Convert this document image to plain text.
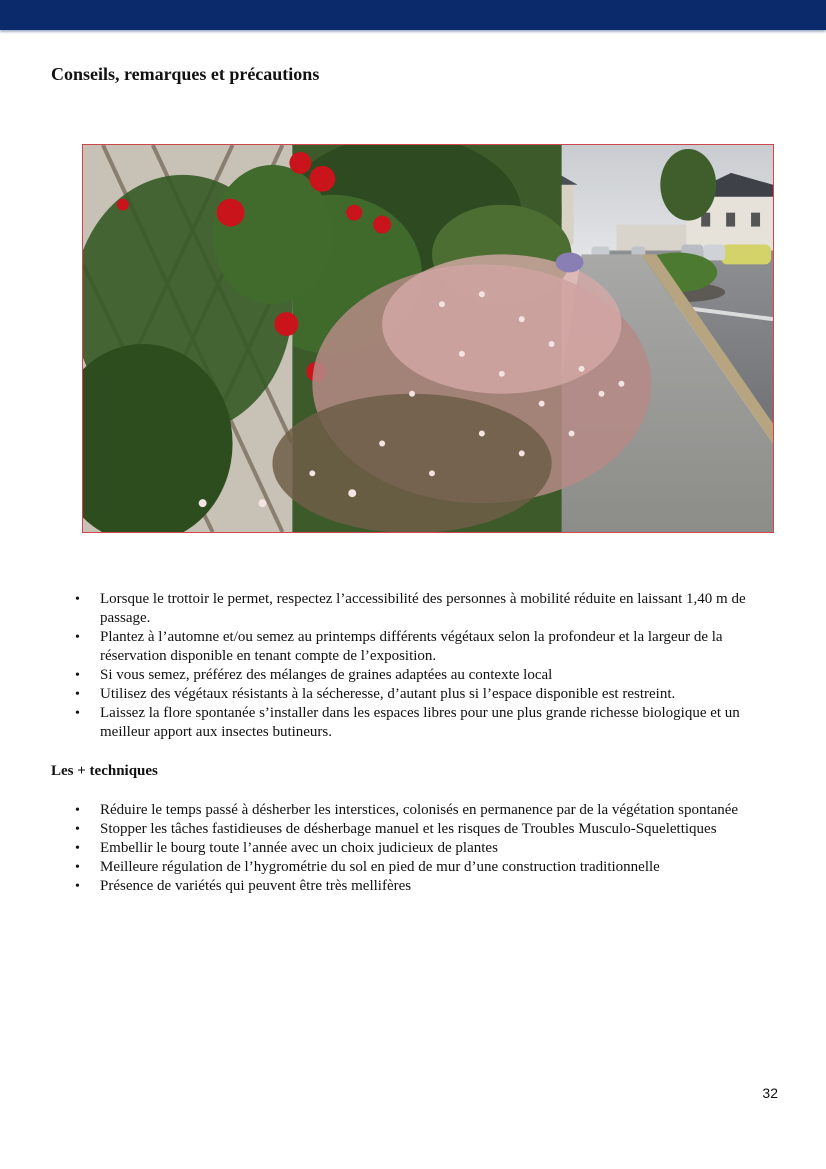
Conseils, remarques et précautions
• Lorsque le trottoir le permet, respectez l’accessibilité des personnes à mobilité réduite en laissant 1,40 m de passage.
• Plantez à l’automne et/ou semez au printemps différents végétaux selon la profondeur et la largeur de la réservation disponible en tenant compte de l’exposition.
• Si vous semez, préférez des mélanges de graines adaptées au contexte local
• Utilisez des végétaux résistants à la sécheresse, d’autant plus si l’espace disponible est restreint.
• Laissez la flore spontanée s’installer dans les espaces libres pour une plus grande richesse biologique et un meilleur apport aux insectes butineurs.
Les + techniques
• Réduire le temps passé à désherber les interstices, colonisés en permanence par de la végétation spontanée
• Stopper les tâches fastidieuses de désherbage manuel et les risques de Troubles Musculo-Squelettiques
• Embellir le bourg toute l’année avec un choix judicieux de plantes
• Meilleure régulation de l’hygrométrie du sol en pied de mur d’une construction traditionnelle
• Présence de variétés qui peuvent être très mellifères
32
